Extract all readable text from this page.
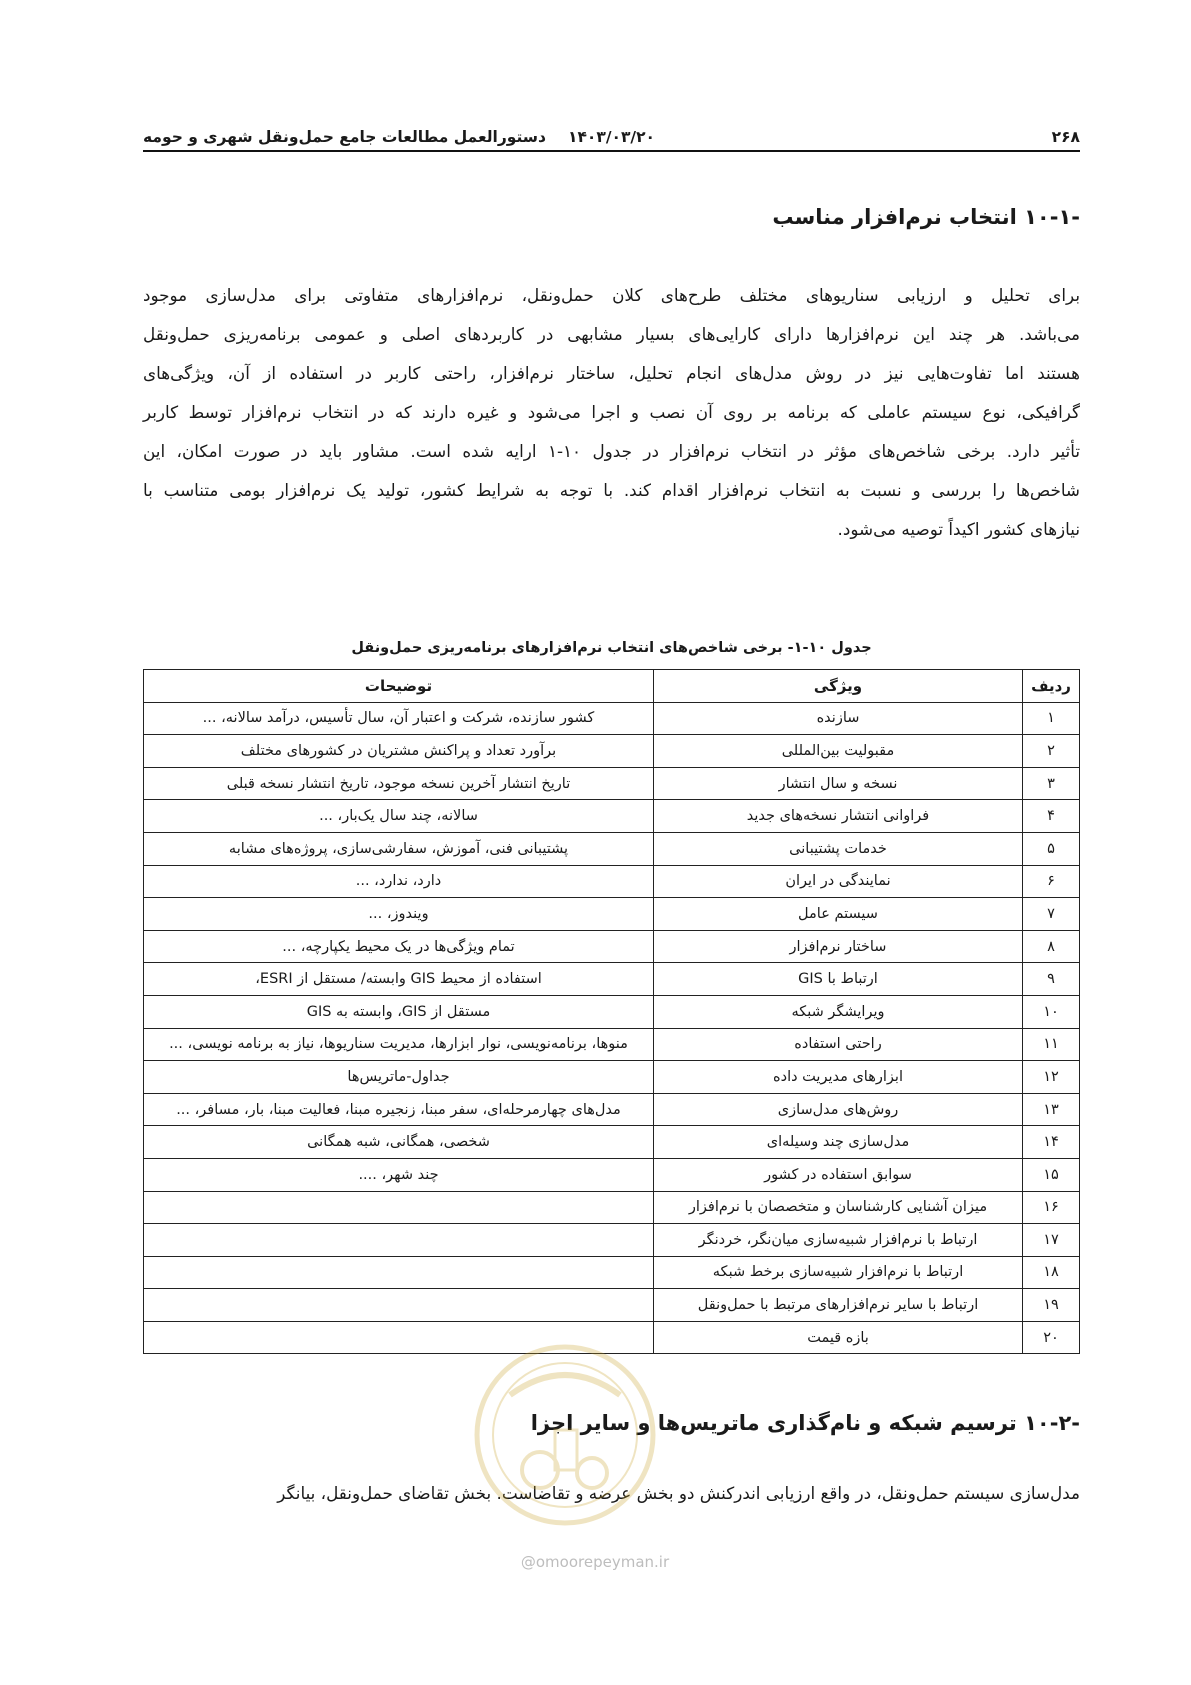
۲۶۸
۱۴۰۳/۰۳/۲۰
دستورالعمل مطالعات جامع حمل‌ونقل شهری و حومه
۱۰-۱- انتخاب نرم‌افزار مناسب

برای تحلیل و ارزیابی سناریوهای مختلف طرح‌های کلان حمل‌ونقل، نرم‌افزارهای متفاوتی برای مدل‌سازی موجود
می‌باشد. هر چند این نرم‌افزارها دارای کارایی‌های بسیار مشابهی در کاربردهای اصلی و عمومی برنامه‌ریزی حمل‌ونقل
هستند اما تفاوت‌هایی نیز در روش مدل‌های انجام تحلیل، ساختار نرم‌افزار، راحتی کاربر در استفاده از آن، ویژگی‌های
گرافیکی، نوع سیستم عاملی که برنامه بر روی آن نصب و اجرا می‌شود و غیره دارند که در انتخاب نرم‌افزار توسط کاربر
تأثیر دارد. برخی شاخص‌های مؤثر در انتخاب نرم‌افزار در جدول ۱۰-۱ ارایه شده است. مشاور باید در صورت امکان، این
شاخص‌ها را بررسی و نسبت به انتخاب نرم‌افزار اقدام کند. با توجه به شرایط کشور، تولید یک نرم‌افزار بومی متناسب با
نیازهای کشور اکیداً توصیه می‌شود.

جدول ۱۰-۱- برخی شاخص‌های انتخاب نرم‌افزارهای برنامه‌ریزی حمل‌ونقل

ردیف	ویژگی	توضیحات
۱	سازنده	کشور سازنده، شرکت و اعتبار آن، سال تأسیس، درآمد سالانه، ...
۲	مقبولیت بین‌المللی	برآورد تعداد و پراکنش مشتریان در کشورهای مختلف
۳	نسخه و سال انتشار	تاریخ انتشار آخرین نسخه موجود، تاریخ انتشار نسخه قبلی
۴	فراوانی انتشار نسخه‌های جدید	سالانه، چند سال یک‌بار، ...
۵	خدمات پشتیبانی	پشتیبانی فنی، آموزش، سفارشی‌سازی، پروژه‌های مشابه
۶	نمایندگی در ایران	دارد، ندارد، ...
۷	سیستم عامل	ویندوز، ...
۸	ساختار نرم‌افزار	تمام ویژگی‌ها در یک محیط یکپارچه، ...
۹	ارتباط با GIS	استفاده از محیط GIS وابسته/ مستقل از ESRI،
۱۰	ویرایشگر شبکه	مستقل از GIS، وابسته به GIS
۱۱	راحتی استفاده	منوها، برنامه‌نویسی، نوار ابزارها، مدیریت سناریوها، نیاز به برنامه نویسی، ...
۱۲	ابزارهای مدیریت داده	جداول-ماتریس‌ها
۱۳	روش‌های مدل‌سازی	مدل‌های چهارمرحله‌ای، سفر مبنا، زنجیره مبنا، فعالیت مبنا، بار، مسافر، ...
۱۴	مدل‌سازی چند وسیله‌ای	شخصی، همگانی، شبه همگانی
۱۵	سوابق استفاده در کشور	چند شهر، ....
۱۶	میزان آشنایی کارشناسان و متخصصان با نرم‌افزار	
۱۷	ارتباط با نرم‌افزار شبیه‌سازی میان‌نگر، خردنگر	
۱۸	ارتباط با نرم‌افزار شبیه‌سازی برخط شبکه	
۱۹	ارتباط با سایر نرم‌افزارهای مرتبط با حمل‌ونقل	
۲۰	بازه قیمت	
۱۰-۲- ترسیم شبکه و نام‌گذاری ماتریس‌ها و سایر اجزا

مدل‌سازی سیستم حمل‌ونقل، در واقع ارزیابی اندرکنش دو بخش عرضه و تقاضاست. بخش تقاضای حمل‌ونقل، بیانگر

@omoorepeyman.ir
